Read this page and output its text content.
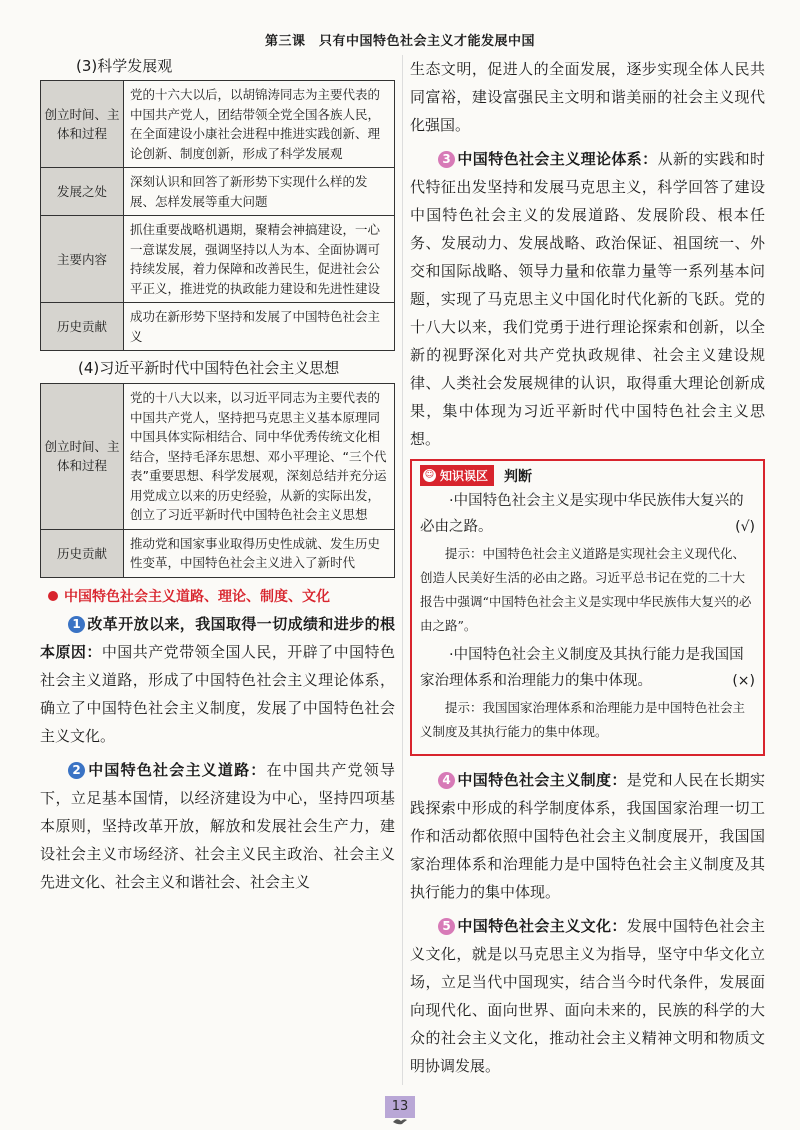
第三课　只有中国特色社会主义才能发展中国
(3)科学发展观
创立时间、主体和过程	党的十六大以后，以胡锦涛同志为主要代表的中国共产党人，团结带领全党全国各族人民，在全面建设小康社会进程中推进实践创新、理论创新、制度创新，形成了科学发展观
发展之处	深刻认识和回答了新形势下实现什么样的发展、怎样发展等重大问题
主要内容	抓住重要战略机遇期，聚精会神搞建设，一心一意谋发展，强调坚持以人为本、全面协调可持续发展，着力保障和改善民生，促进社会公平正义，推进党的执政能力建设和先进性建设
历史贡献	成功在新形势下坚持和发展了中国特色社会主义
(4)习近平新时代中国特色社会主义思想
创立时间、主体和过程	党的十八大以来，以习近平同志为主要代表的中国共产党人，坚持把马克思主义基本原理同中国具体实际相结合、同中华优秀传统文化相结合，坚持毛泽东思想、邓小平理论、“三个代表”重要思想、科学发展观，深刻总结并充分运用党成立以来的历史经验，从新的实际出发，创立了习近平新时代中国特色社会主义思想
历史贡献	推动党和国家事业取得历史性成就、发生历史性变革，中国特色社会主义进入了新时代
中国特色社会主义道路、理论、制度、文化

1 改革开放以来，我国取得一切成绩和进步的根本原因：中国共产党带领全国人民，开辟了中国特色社会主义道路，形成了中国特色社会主义理论体系，确立了中国特色社会主义制度，发展了中国特色社会主义文化。

2 中国特色社会主义道路：在中国共产党领导下，立足基本国情，以经济建设为中心，坚持四项基本原则，坚持改革开放，解放和发展社会生产力，建设社会主义市场经济、社会主义民主政治、社会主义先进文化、社会主义和谐社会、社会主义

生态文明，促进人的全面发展，逐步实现全体人民共同富裕，建设富强民主文明和谐美丽的社会主义现代化强国。

3 中国特色社会主义理论体系：从新的实践和时代特征出发坚持和发展马克思主义，科学回答了建设中国特色社会主义的发展道路、发展阶段、根本任务、发展动力、发展战略、政治保证、祖国统一、外交和国际战略、领导力量和依靠力量等一系列基本问题，实现了马克思主义中国化时代化新的飞跃。党的十八大以来，我们党勇于进行理论探索和创新，以全新的视野深化对共产党执政规律、社会主义建设规律、人类社会发展规律的认识，取得重大理论创新成果，集中体现为习近平新时代中国特色社会主义思想。

☺ 知识误区 判断

·中国特色社会主义是实现中华民族伟大复兴的必由之路。	(√)

提示：中国特色社会主义道路是实现社会主义现代化、创造人民美好生活的必由之路。习近平总书记在党的二十大报告中强调“中国特色社会主义是实现中华民族伟大复兴的必由之路”。

·中国特色社会主义制度及其执行能力是我国国家治理体系和治理能力的集中体现。	(×)

提示：我国国家治理体系和治理能力是中国特色社会主义制度及其执行能力的集中体现。

4 中国特色社会主义制度：是党和人民在长期实践探索中形成的科学制度体系，我国国家治理一切工作和活动都依照中国特色社会主义制度展开，我国国家治理体系和治理能力是中国特色社会主义制度及其执行能力的集中体现。

5 中国特色社会主义文化：发展中国特色社会主义文化，就是以马克思主义为指导，坚守中华文化立场，立足当代中国现实，结合当今时代条件，发展面向现代化、面向世界、面向未来的，民族的科学的大众的社会主义文化，推动社会主义精神文明和物质文明协调发展。

13
